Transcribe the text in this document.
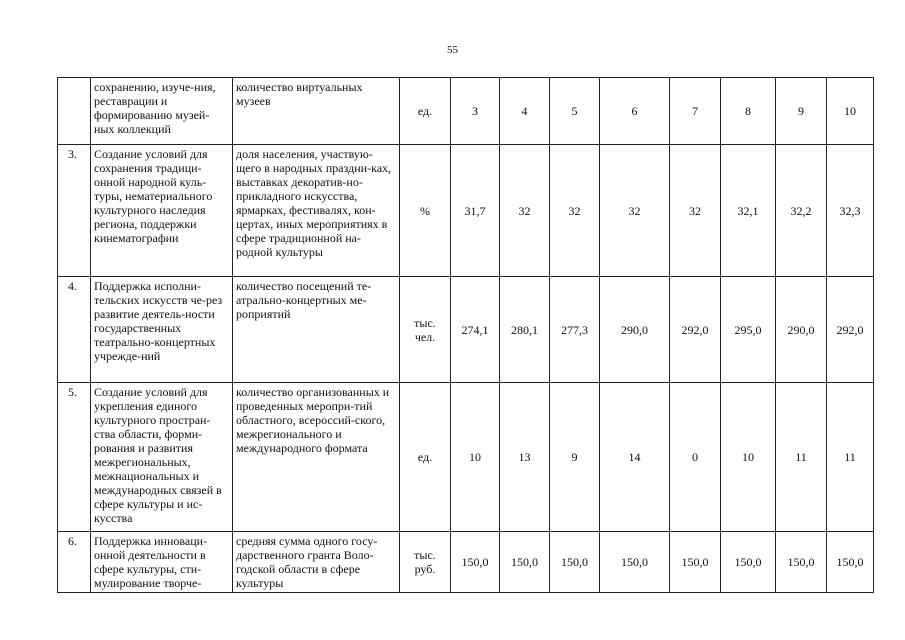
55
	сохранению, изуче-ния, реставрации и формированию музей-ных коллекций	количество виртуальных музеев	ед.	3	4	5	6	7	8	9	10
3.	Создание условий для сохранения традици-онной народной куль-туры, нематериального культурного наследия региона, поддержки кинематографии	доля населения, участвую-щего в народных праздни-ках, выставках декоратив-но-прикладного искусства, ярмарках, фестивалях, кон-цертах, иных мероприятиях в сфере традиционной на-родной культуры	%	31,7	32	32	32	32	32,1	32,2	32,3
4.	Поддержка исполни-тельских искусств че-рез развитие деятель-ности государственных театрально-концертных учрежде-ний	количество посещений те-атрально-концертных ме-роприятий	тыс. чел.	274,1	280,1	277,3	290,0	292,0	295,0	290,0	292,0
5.	Создание условий для укрепления единого культурного простран-ства области, форми-рования и развития межрегиональных, межнациональных и международных связей в сфере культуры и ис-кусства	количество организованных и проведенных меропри-тий областного, всероссий-ского, межрегионального и международного формата	ед.	10	13	9	14	0	10	11	11
6.	Поддержка инноваци-онной деятельности в сфере культуры, сти-мулирование творче-	средняя сумма одного госу-дарственного гранта Воло-годской области в сфере культуры	тыс. руб.	150,0	150,0	150,0	150,0	150,0	150,0	150,0	150,0
